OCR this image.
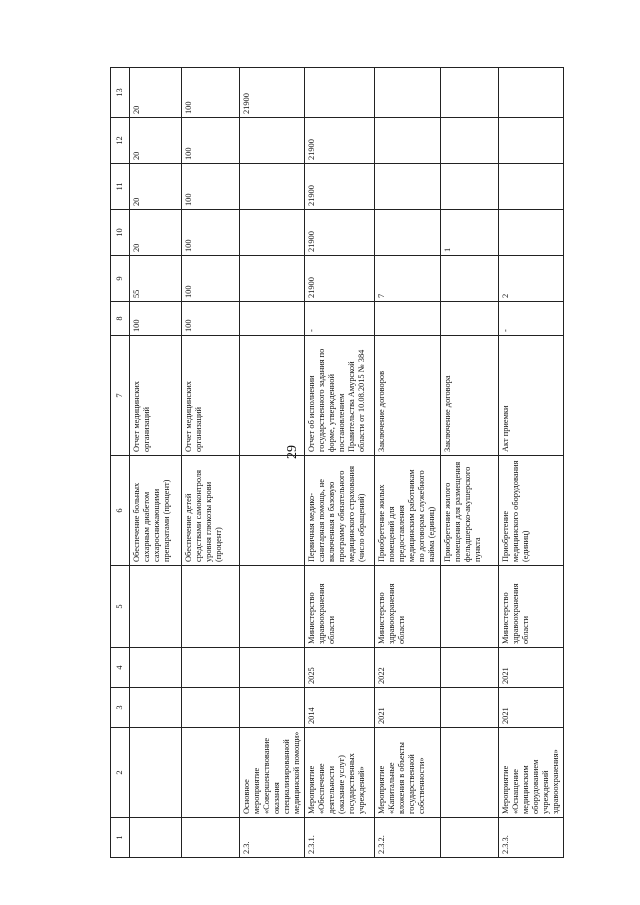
29
1	2	3	4	5	6	7	8	9	10	11	12	13
					Обеспечение больных сахарным диабетом сахароснижающими препаратами (процент)	Отчет медицинских организаций	100	55	20	20	20	20
					Обеспечение детей средствами самоконтроля уровня глюкозы крови (процент)	Отчет медицинских организаций	100	100	100	100	100	100
2.3.	Основное мероприятие «Совершенствование оказания специализированной медицинской помощи»											21900
2.3.1.	Мероприятие «Обеспечение деятельности (оказание услуг) государственных учреждений»	2014	2025	Министерство здравоохранения области	Первичная медико-санитарная помощь, не включенная в базовую программу обязательного медицинского страхования (число обращений)	Отчет об исполнении государственного задания по форме, утвержденной постановлением Правительства Амурской области от 10.08.2015 № 384	-	21900	21900	21900	21900	
2.3.2.	Мероприятие «Капитальные вложения в объекты государственной собственности»	2021	2022	Министерство здравоохранения области	Приобретение жилых помещений для предоставления медицинским работникам по договорам служебного найма (единиц)	Заключение договоров		7				
					Приобретение жилого помещения для размещения фельдшерско-акушерского пункта	Заключение договора			1			
2.3.3.	Мероприятие «Оснащение медицинским оборудованием учреждений здравоохранения»	2021	2021	Министерство здравоохранения области	Приобретение медицинского оборудования (единиц)	Акт приемки	-	2				
